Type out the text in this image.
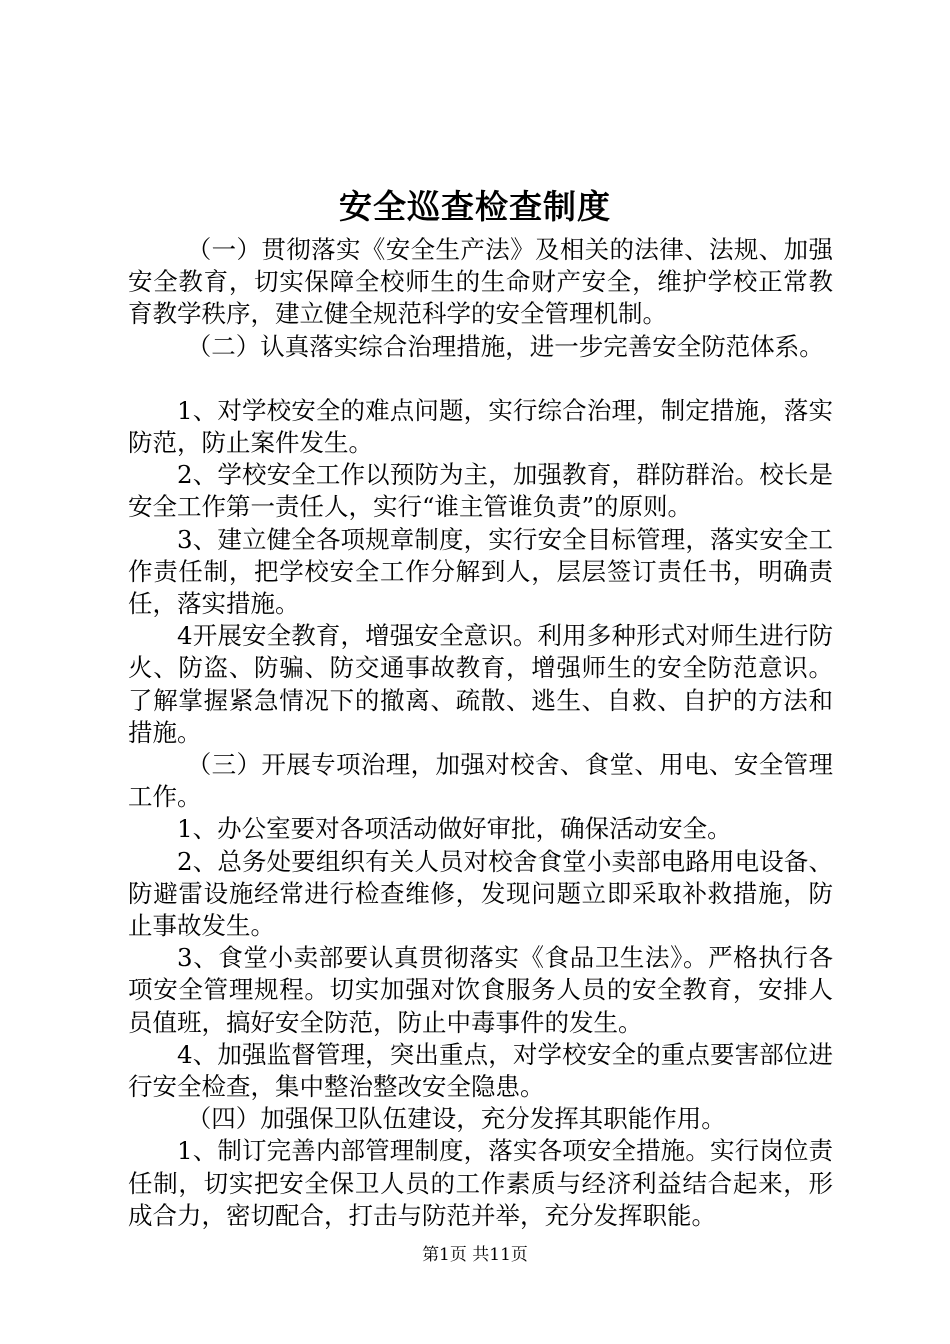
安全巡查检查制度

（一）贯彻落实《安全生产法》及相关的法律、法规、加强安全教育，切实保障全校师生的生命财产安全，维护学校正常教育教学秩序，建立健全规范科学的安全管理机制。

（二）认真落实综合治理措施，进一步完善安全防范体系。

1、对学校安全的难点问题，实行综合治理，制定措施，落实防范，防止案件发生。

2、学校安全工作以预防为主，加强教育，群防群治。校长是安全工作第一责任人，实行“谁主管谁负责”的原则。

3、建立健全各项规章制度，实行安全目标管理，落实安全工作责任制，把学校安全工作分解到人，层层签订责任书，明确责任，落实措施。

4开展安全教育，增强安全意识。利用多种形式对师生进行防火、防盗、防骗、防交通事故教育，增强师生的安全防范意识。了解掌握紧急情况下的撤离、疏散、逃生、自救、自护的方法和措施。

（三）开展专项治理，加强对校舍、食堂、用电、安全管理工作。

1、办公室要对各项活动做好审批，确保活动安全。

2、总务处要组织有关人员对校舍食堂小卖部电路用电设备、防避雷设施经常进行检查维修，发现问题立即采取补救措施，防止事故发生。

3、食堂小卖部要认真贯彻落实《食品卫生法》。严格执行各项安全管理规程。切实加强对饮食服务人员的安全教育，安排人员值班，搞好安全防范，防止中毒事件的发生。

4、加强监督管理，突出重点，对学校安全的重点要害部位进行安全检查，集中整治整改安全隐患。

（四）加强保卫队伍建设，充分发挥其职能作用。

1、制订完善内部管理制度，落实各项安全措施。实行岗位责任制，切实把安全保卫人员的工作素质与经济利益结合起来，形成合力，密切配合，打击与防范并举，充分发挥职能。

第1页 共11页
